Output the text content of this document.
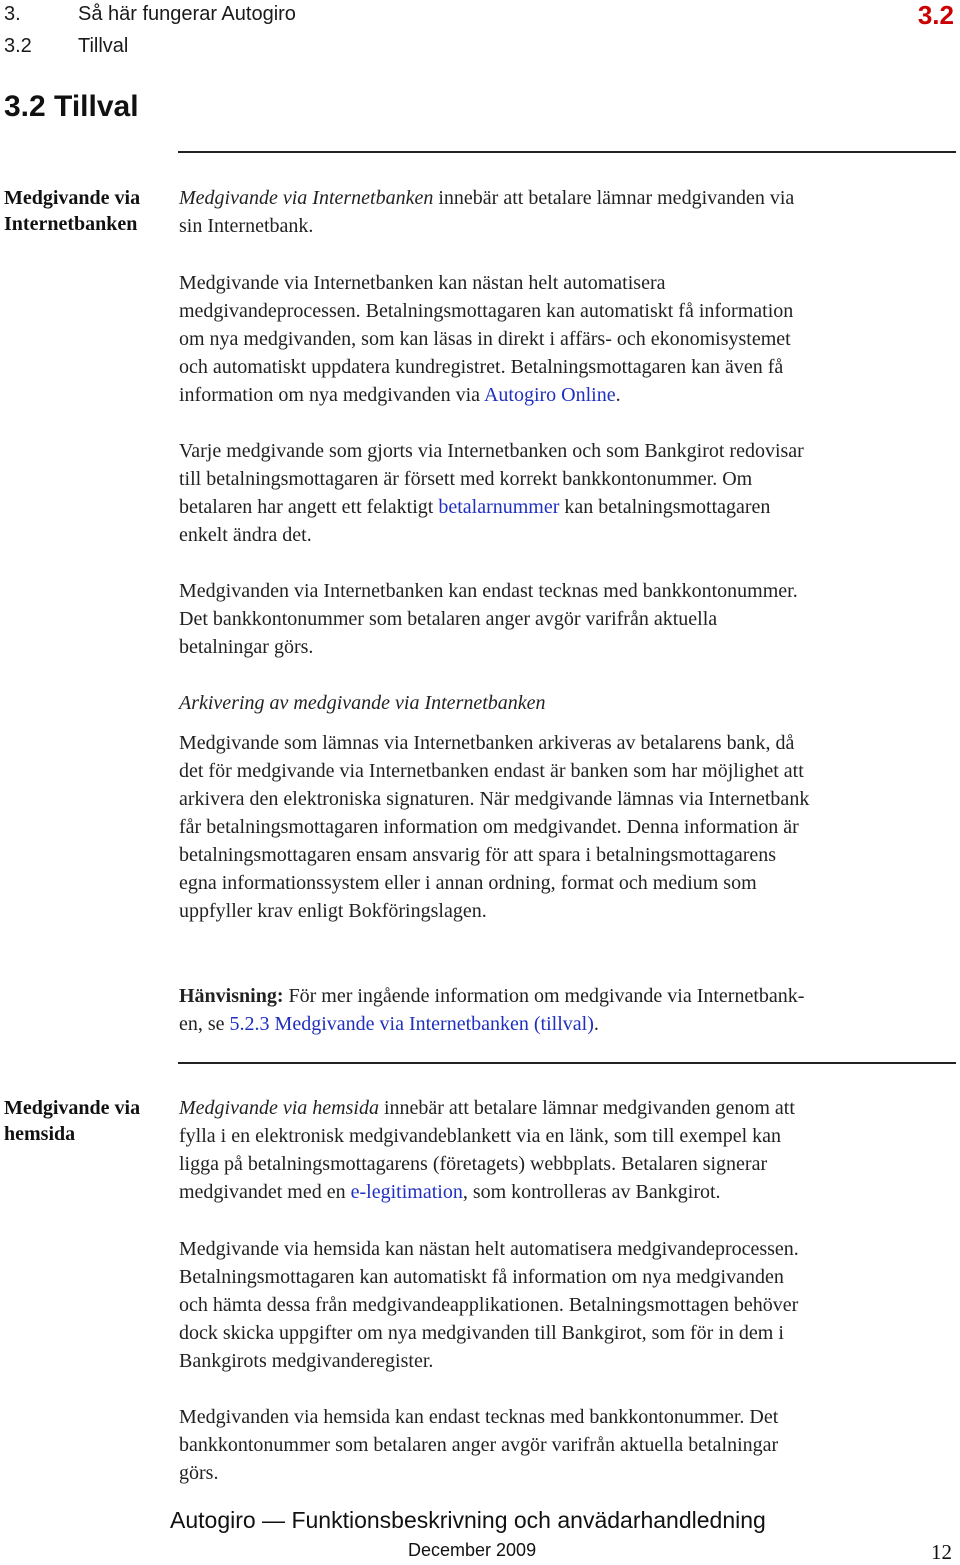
3.	Så här fungerar Autogiro
3.2 Tillval
3.2
3.2 Tillval
Medgivande via
Internetbanken
Medgivande via Internetbanken innebär att betalare lämnar medgivanden via
sin Internetbank.
Medgivande via Internetbanken kan nästan helt automatisera
medgivandeprocessen. Betalningsmottagaren kan automatiskt få information
om nya medgivanden, som kan läsas in direkt i affärs- och ekonomisystemet
och automatiskt uppdatera kundregistret. Betalningsmottagaren kan även få
information om nya medgivanden via Autogiro Online.
Varje medgivande som gjorts via Internetbanken och som Bankgirot redovisar
till betalningsmottagaren är försett med korrekt bankkontonummer. Om
betalaren har angett ett felaktigt betalarnummer kan betalningsmottagaren
enkelt ändra det.
Medgivanden via Internetbanken kan endast tecknas med bankkontonummer.
Det bankkontonummer som betalaren anger avgör varifrån aktuella
betalningar görs.
Arkivering av medgivande via Internetbanken
Medgivande som lämnas via Internetbanken arkiveras av betalarens bank, då
det för medgivande via Internetbanken endast är banken som har möjlighet att
arkivera den elektroniska signaturen. När medgivande lämnas via Internetbank
får betalningsmottagaren information om medgivandet. Denna information är
betalningsmottagaren ensam ansvarig för att spara i betalningsmottagarens
egna informationssystem eller i annan ordning, format och medium som
uppfyller krav enligt Bokföringslagen.
Hänvisning: För mer ingående information om medgivande via Internetbank-
en, se 5.2.3 Medgivande via Internetbanken (tillval).
Medgivande via
hemsida
Medgivande via hemsida innebär att betalare lämnar medgivanden genom att
fylla i en elektronisk medgivandeblankett via en länk, som till exempel kan
ligga på betalningsmottagarens (företagets) webbplats. Betalaren signerar
medgivandet med en e-legitimation, som kontrolleras av Bankgirot.
Medgivande via hemsida kan nästan helt automatisera medgivandeprocessen.
Betalningsmottagaren kan automatiskt få information om nya medgivanden
och hämta dessa från medgivandeapplikationen. Betalningsmottagen behöver
dock skicka uppgifter om nya medgivanden till Bankgirot, som för in dem i
Bankgirots medgivanderegister.
Medgivanden via hemsida kan endast tecknas med bankkontonummer. Det
bankkontonummer som betalaren anger avgör varifrån aktuella betalningar
görs.
Autogiro — Funktionsbeskrivning och anvädarhandledning
December 2009	12
